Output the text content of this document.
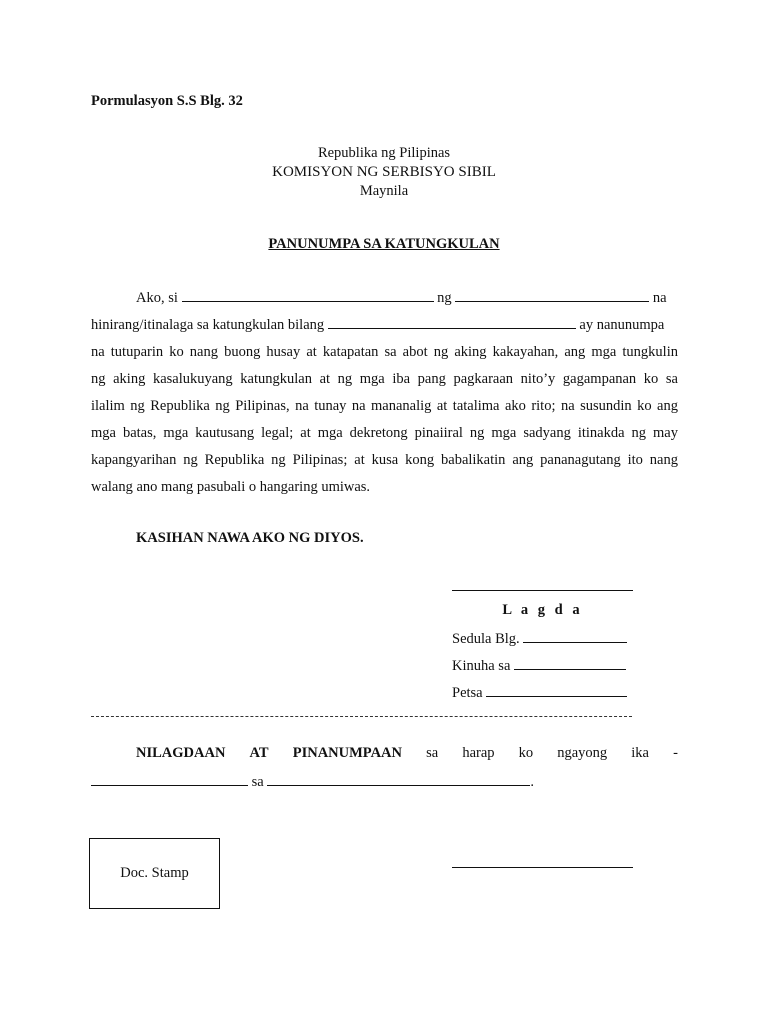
Pormulasyon S.S Blg. 32
Republika ng Pilipinas
KOMISYON NG SERBISYO SIBIL
Maynila
PANUNUMPA SA KATUNGKULAN
Ako, si	ng	na
hinirang/itinalaga sa katungkulan bilang	ay nanunumpa
na tutuparin ko nang buong husay at katapatan sa abot ng aking kakayahan, ang mga tungkulin
ng aking kasalukuyang katungkulan at ng mga iba pang pagkaraan nito’y gagampanan ko sa
ilalim ng Republika ng Pilipinas, na tunay na mananalig at tatalima ako rito; na susundin ko ang
mga batas, mga kautusang legal; at mga dekretong pinaiiral ng mga sadyang itinakda ng may
kapangyarihan ng Republika ng Pilipinas; at kusa kong babalikatin ang pananagutang ito nang
walang ano mang pasubali o hangaring umiwas.
KASIHAN NAWA AKO NG DIYOS.
L a g d a
Sedula Blg.
Kinuha sa
Petsa
NILAGDAAN AT PINANUMPAAN sa harap ko ngayong ika -
sa	.
Doc. Stamp
